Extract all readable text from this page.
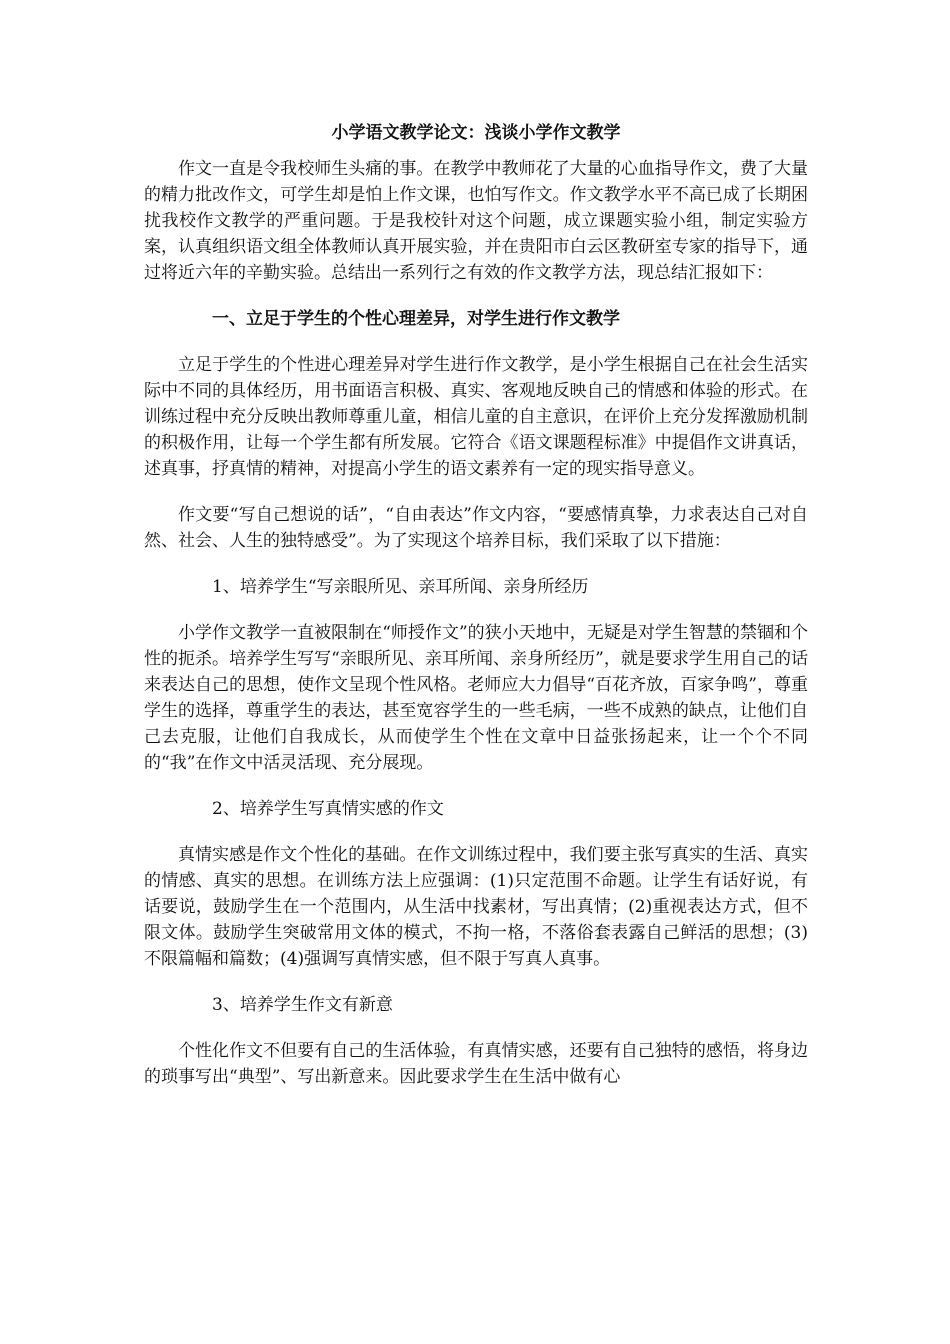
小学语文教学论文：浅谈小学作文教学

作文一直是令我校师生头痛的事。在教学中教师花了大量的心血指导作文，费了大量的精力批改作文，可学生却是怕上作文课，也怕写作文。作文教学水平不高已成了长期困扰我校作文教学的严重问题。于是我校针对这个问题，成立课题实验小组，制定实验方案，认真组织语文组全体教师认真开展实验，并在贵阳市白云区教研室专家的指导下，通过将近六年的辛勤实验。总结出一系列行之有效的作文教学方法，现总结汇报如下：

一、立足于学生的个性心理差异，对学生进行作文教学

立足于学生的个性进心理差异对学生进行作文教学，是小学生根据自己在社会生活实际中不同的具体经历，用书面语言积极、真实、客观地反映自己的情感和体验的形式。在训练过程中充分反映出教师尊重儿童，相信儿童的自主意识，在评价上充分发挥激励机制的积极作用，让每一个学生都有所发展。它符合《语文课题程标准》中提倡作文讲真话，述真事，抒真情的精神，对提高小学生的语文素养有一定的现实指导意义。

作文要“写自己想说的话”，“自由表达”作文内容，“要感情真挚，力求表达自己对自然、社会、人生的独特感受”。为了实现这个培养目标，我们采取了以下措施：

1、培养学生“写亲眼所见、亲耳所闻、亲身所经历

小学作文教学一直被限制在“师授作文”的狭小天地中，无疑是对学生智慧的禁锢和个性的扼杀。培养学生写写“亲眼所见、亲耳所闻、亲身所经历”，就是要求学生用自己的话来表达自己的思想，使作文呈现个性风格。老师应大力倡导“百花齐放，百家争鸣”，尊重学生的选择，尊重学生的表达，甚至宽容学生的一些毛病，一些不成熟的缺点，让他们自己去克服，让他们自我成长，从而使学生个性在文章中日益张扬起来，让一个个不同的“我”在作文中活灵活现、充分展现。

2、培养学生写真情实感的作文

真情实感是作文个性化的基础。在作文训练过程中，我们要主张写真实的生活、真实的情感、真实的思想。在训练方法上应强调：(1)只定范围不命题。让学生有话好说，有话要说，鼓励学生在一个范围内，从生活中找素材，写出真情；(2)重视表达方式，但不限文体。鼓励学生突破常用文体的模式，不拘一格，不落俗套表露自己鲜活的思想；(3)不限篇幅和篇数；(4)强调写真情实感，但不限于写真人真事。

3、培养学生作文有新意

个性化作文不但要有自己的生活体验，有真情实感，还要有自己独特的感悟，将身边的琐事写出“典型”、写出新意来。因此要求学生在生活中做有心
